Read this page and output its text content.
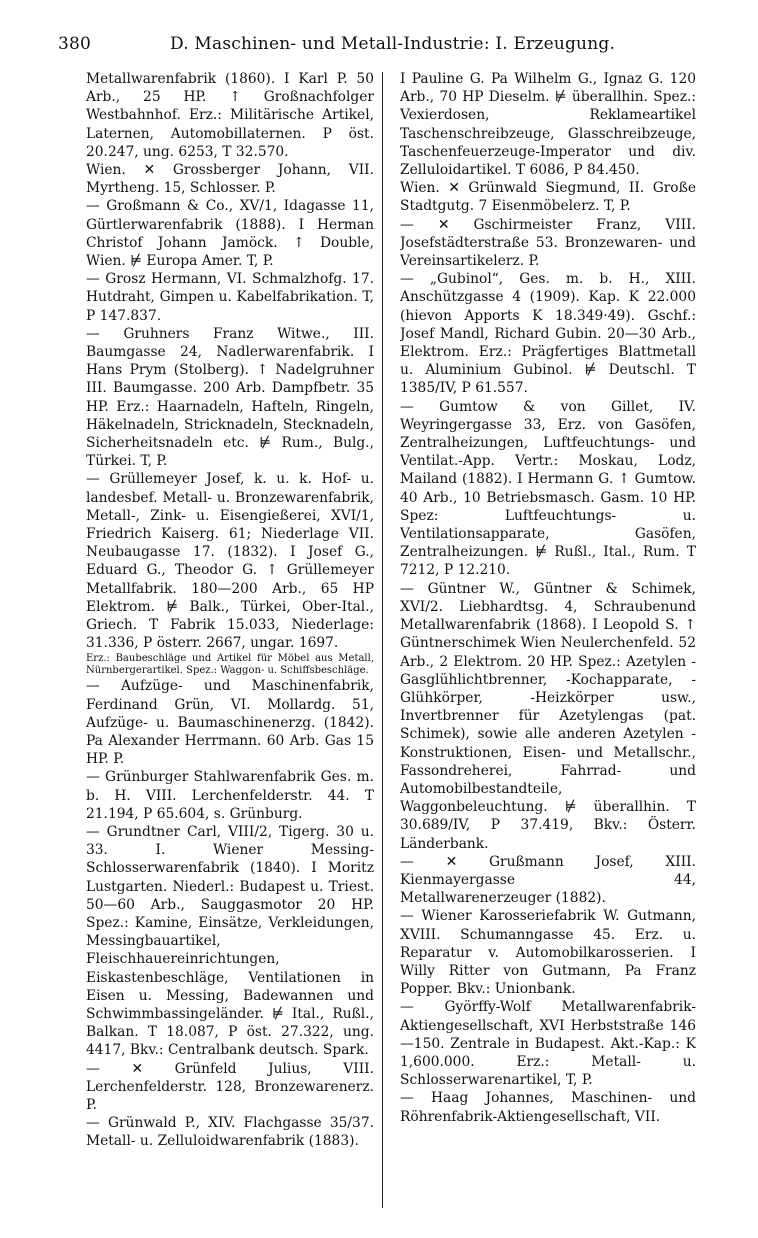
380	D. Maschinen- und Metall-Industrie: I. Erzeugung.

Metallwarenfabrik (1860). I Karl P. 50 Arb., 25 HP. ↑ Großnachfolger Westbahnhof. Erz.: Militärische Artikel, Laternen, Automobillaternen. P öst. 20.247, ung. 6253, T 32.570.

Wien. ✕ Grossberger Johann, VII. Myrtheng. 15, Schlosser. P.

— Großmann & Co., XV/1, Idagasse 11, Gürtlerwarenfabrik (1888). I Herman Christof Johann Jamöck. ↑ Double, Wien. ⊭ Europa Amer. T, P.

— Grosz Hermann, VI. Schmalzhofg. 17. Hutdraht, Gimpen u. Kabelfabrikation. T, P 147.837.

— Gruhners Franz Witwe., III. Baumgasse 24, Nadlerwarenfabrik. I Hans Prym (Stolberg). ↑ Nadelgruhner III. Baumgasse. 200 Arb. Dampfbetr. 35 HP. Erz.: Haarnadeln, Hafteln, Ringeln, Häkelnadeln, Stricknadeln, Stecknadeln, Sicherheitsnadeln etc. ⊭ Rum., Bulg., Türkei. T, P.

— Grüllemeyer Josef, k. u. k. Hof- u. landesbef. Metall- u. Bronzewarenfabrik, Metall-, Zink- u. Eisengießerei, XVI/1, Friedrich Kaiserg. 61; Niederlage VII. Neubaugasse 17. (1832). I Josef G., Eduard G., Theodor G. ↑ Grüllemeyer Metallfabrik. 180—200 Arb., 65 HP Elektrom. ⊭ Balk., Türkei, Ober-Ital., Griech. T Fabrik 15.033, Niederlage: 31.336, P österr. 2667, ungar. 1697.

Erz.: Baubeschläge und Artikel für Möbel aus Metall, Nürnbergerartikel. Spez.: Waggon- u. Schiffsbeschläge.

— Aufzüge- und Maschinenfabrik, Ferdinand Grün, VI. Mollardg. 51, Aufzüge- u. Baumaschinenerzg. (1842). Pa Alexander Herrmann. 60 Arb. Gas 15 HP. P.

— Grünburger Stahlwarenfabrik Ges. m. b. H. VIII. Lerchenfelderstr. 44. T 21.194, P 65.604, s. Grünburg.

— Grundtner Carl, VIII/2, Tigerg. 30 u. 33. I. Wiener Messing-Schlosserwarenfabrik (1840). I Moritz Lustgarten. Niederl.: Budapest u. Triest. 50—60 Arb., Sauggasmotor 20 HP. Spez.: Kamine, Einsätze, Verkleidungen, Messingbauartikel, Fleischhauereinrichtungen, Eiskastenbeschläge, Ventilationen in Eisen u. Messing, Badewannen und Schwimmbassingeländer. ⊭ Ital., Rußl., Balkan. T 18.087, P öst. 27.322, ung. 4417, Bkv.: Centralbank deutsch. Spark.

— ✕ Grünfeld Julius, VIII. Lerchenfelderstr. 128, Bronzewarenerz. P.

— Grünwald P., XIV. Flachgasse 35/37. Metall- u. Zelluloidwarenfabrik (1883).

I Pauline G. Pa Wilhelm G., Ignaz G. 120 Arb., 70 HP Dieselm. ⊭ überallhin. Spez.: Vexierdosen, Reklameartikel Taschenschreibzeuge, Glasschreibzeuge, Taschenfeuerzeuge-Imperator und div. Zelluloidartikel. T 6086, P 84.450.

Wien. ✕ Grünwald Siegmund, II. Große Stadtgutg. 7 Eisenmöbelerz. T, P.

— ✕ Gschirmeister Franz, VIII. Josefstädterstraße 53. Bronzewaren- und Vereinsartikelerz. P.

— „Gubinol“, Ges. m. b. H., XIII. Anschützgasse 4 (1909). Kap. K 22.000 (hievon Apports K 18.349·49). Gschf.: Josef Mandl, Richard Gubin. 20—30 Arb., Elektrom. Erz.: Prägfertiges Blattmetall u. Aluminium Gubinol. ⊭ Deutschl. T 1385/IV, P 61.557.

— Gumtow & von Gillet, IV. Weyringergasse 33, Erz. von Gasöfen, Zentralheizungen, Luftfeuchtungs- und Ventilat.-App. Vertr.: Moskau, Lodz, Mailand (1882). I Hermann G. ↑ Gumtow. 40 Arb., 10 Betriebsmasch. Gasm. 10 HP. Spez: Luftfeuchtungs- u. Ventilationsapparate, Gasöfen, Zentralheizungen. ⊭ Rußl., Ital., Rum. T 7212, P 12.210.

— Güntner W., Güntner & Schimek, XVI/2. Liebhardtsg. 4, Schraubenund Metallwarenfabrik (1868). I Leopold S. ↑ Güntnerschimek Wien Neulerchenfeld. 52 Arb., 2 Elektrom. 20 HP. Spez.: Azetylen - Gasglühlichtbrenner, -Kochapparate, -Glühkörper, -Heizkörper usw., Invertbrenner für Azetylengas (pat. Schimek), sowie alle anderen Azetylen - Konstruktionen, Eisen- und Metallschr., Fassondreherei, Fahrrad- und Automobilbestandteile, Waggonbeleuchtung. ⊭ überallhin. T 30.689/IV, P 37.419, Bkv.: Österr. Länderbank.

— ✕ Grußmann Josef, XIII. Kienmayergasse 44, Metallwarenerzeuger (1882).

— Wiener Karosseriefabrik W. Gutmann, XVIII. Schumanngasse 45. Erz. u. Reparatur v. Automobilkarosserien. I Willy Ritter von Gutmann, Pa Franz Popper. Bkv.: Unionbank.

— Györffy-Wolf Metallwarenfabrik-Aktiengesellschaft, XVI Herbststraße 146—150. Zentrale in Budapest. Akt.-Kap.: K 1,600.000. Erz.: Metall- u. Schlosserwarenartikel, T, P.

— Haag Johannes, Maschinen- und Röhrenfabrik-Aktiengesellschaft, VII.
